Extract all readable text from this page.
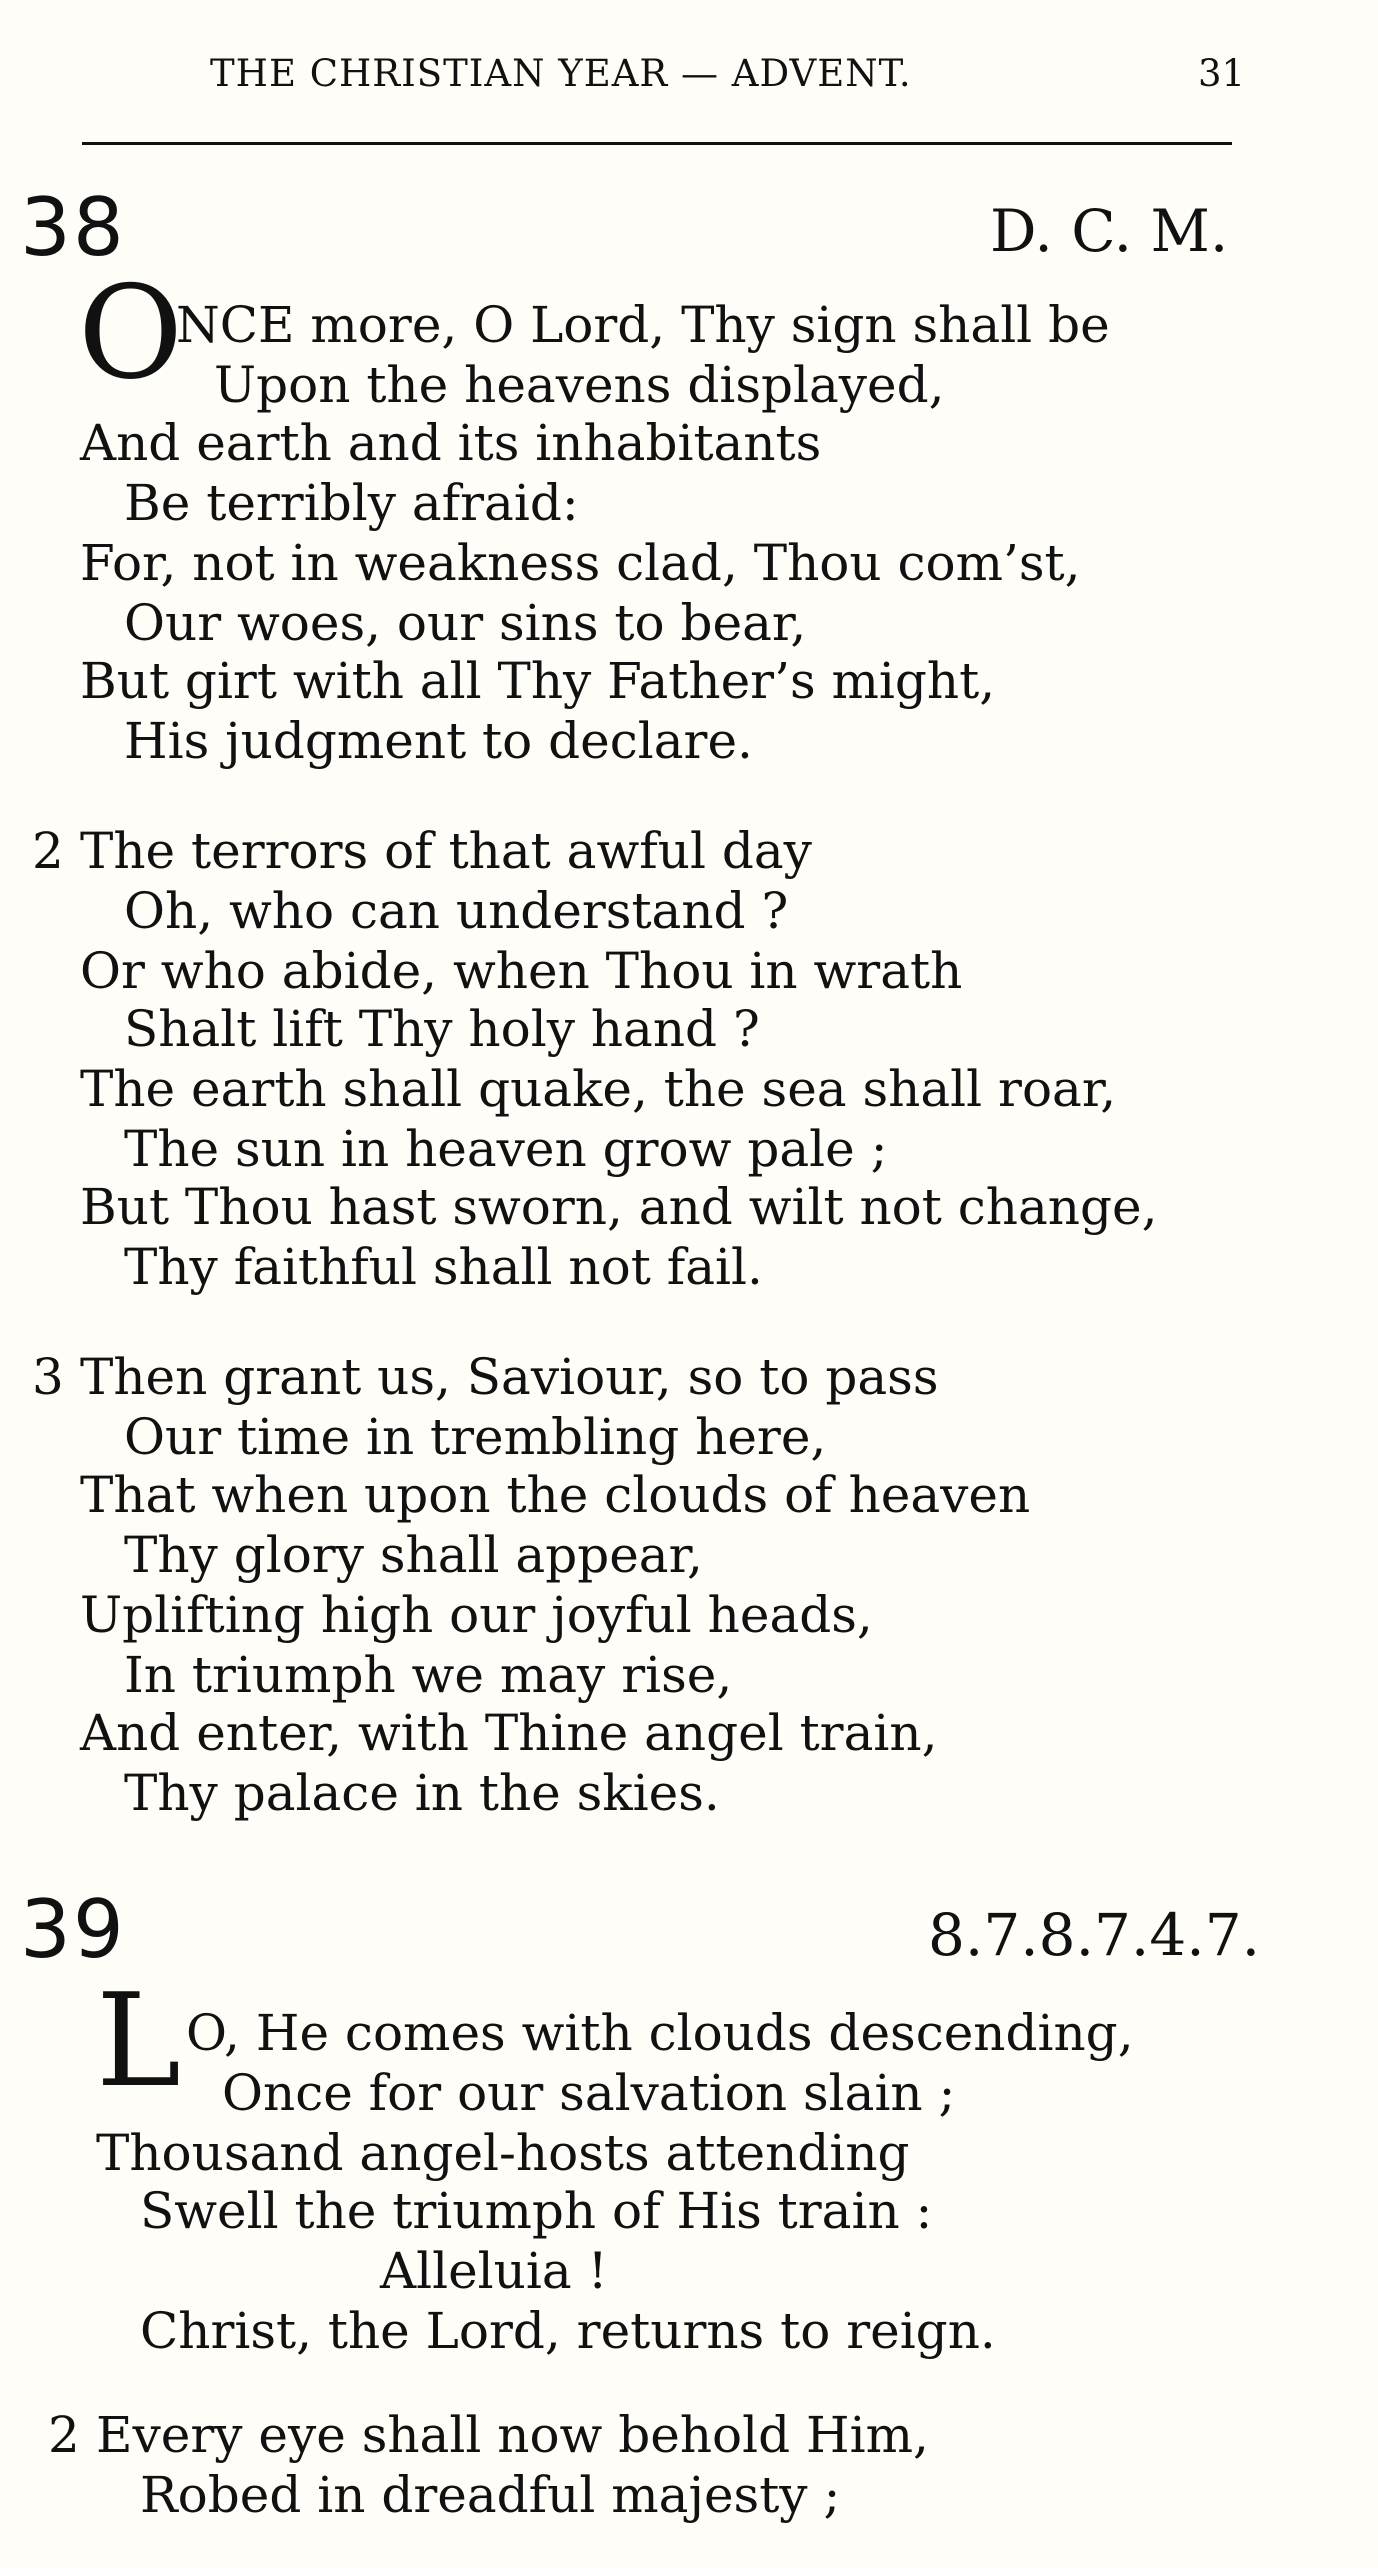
THE CHRISTIAN YEAR — ADVENT.	31
38	D. C. M.
O
NCE more, O Lord, Thy sign shall be
Upon the heavens displayed,
And earth and its inhabitants
Be terribly afraid:
For, not in weakness clad, Thou com’st,
Our woes, our sins to bear,
But girt with all Thy Father’s might,
His judgment to declare.
2 The terrors of that awful day
Oh, who can understand ?
Or who abide, when Thou in wrath
Shalt lift Thy holy hand ?
The earth shall quake, the sea shall roar,
The sun in heaven grow pale ;
But Thou hast sworn, and wilt not change,
Thy faithful shall not fail.
3 Then grant us, Saviour, so to pass
Our time in trembling here,
That when upon the clouds of heaven
Thy glory shall appear,
Uplifting high our joyful heads,
In triumph we may rise,
And enter, with Thine angel train,
Thy palace in the skies.
39	8.7.8.7.4.7.
L O, He comes with clouds descending,
Once for our salvation slain ;
Thousand angel-hosts attending
Swell the triumph of His train :
Alleluia !
Christ, the Lord, returns to reign.
2 Every eye shall now behold Him,
Robed in dreadful majesty ;
